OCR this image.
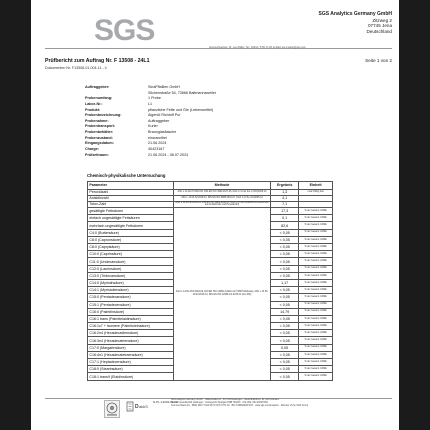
SGS	SGS Analytics Germany GmbH
Zitzweg 2
07745 Jena
Deutschland
Ansprechpartner: Dr. Leo Müller, Tel.: 03641 / 5 59 17-28, E-Mail: leo.mueller@sgs.com
Prüfbericht zum Auftrag Nr. F 13508 - 24L1
Dokumenten Nr. F13508-01-004-11 - 4
Seite 1 von 2
Auftraggeber:	SinaPflaBen GmbH
	Silchenstraße 54, 73666 Baltmannsweiler
Probenumfang:	1 Probe
Labor-Nr.:	L1
Produkt:	pflanzliche Fette und Öle (Lebensmittel)
Probenbezeichnung:	Algenöl Richtoff Pur
Probenahme:	Auftraggeber
Probentransport:	Kurier
Probenbehälter:	Braunglasflasche
Probenzustand:	einwandfrei
Eingangsdatum:	21.06.2024
Charge:	40423167
Prüfzeitraum:	21.06.2024 - 08.07.2024
Chemisch-physikalische Untersuchung
Parameter	Methode	Ergebnis	Einheit
Peroxidzahl	ASU L 13.00-37:2016-06, DIN EN ISO 3960:2017-05, DGF C-VI 6a Teil 1 (ISO)2005-10	1,3	mval O2/kg Fett
Anisidinzahl	ASU L 13.00-32:2018-01, DIN EN ISO 6885:2016-07, DGF C-VI 6e (10)2005-12	4,1	
Totox-Zahl	ASU L 13.00-32:2018-01, DIN EN ISO 6885:2016-07, DGF C-VI 6e (10)2005-12 (berechnet aus Anisidinzahl und Peroxidzahl)	7,1	
gesättigte Fettsäuren	ASU L 13.00-27/3:2016-06, DIN EN ISO 12966-4:2016-12 (TMSH-Methode), ASU L 13.00-41/44:2016-12, DIN EN ISO 12966-1/4:2015-11 (GC-FID)	17,3	% der Gesamt. FAME
einfach ungesättigte Fettsäuren		0,1	% der Gesamt. FAME
mehrfach ungesättigte Fettsäuren		82,6	% der Gesamt. FAME
C4:0 (Buttersäure)		< 0,05	% der Gesamt. FAME
C6:0 (Capronsäure)		< 0,05	% der Gesamt. FAME
C8:0 (Caprylsäure)		< 0,05	% der Gesamt. FAME
C10:0 (Caprinsäure)		< 0,05	% der Gesamt. FAME
C11:0 (Undecansäure)		< 0,05	% der Gesamt. FAME
C12:0 (Laurinsäure)		< 0,05	% der Gesamt. FAME
C13:0 (Tridecansäure)		< 0,05	% der Gesamt. FAME
C14:0 (Myristinsäure)		1,17	% der Gesamt. FAME
C14:1 (Myristoleinsäure)		< 0,05	% der Gesamt. FAME
C15:0 (Pentadecansäure)		< 0,05	% der Gesamt. FAME
C15:1 (Pentadecensäure)		< 0,05	% der Gesamt. FAME
C16:0 (Palmitinsäure)		14,79	% der Gesamt. FAME
C16:1 trans (Palmitelaidinsäure)		< 0,05	% der Gesamt. FAME
C16:1c7 + Isomere (Palmitoleinsäure)		< 0,05	% der Gesamt. FAME
C16:2n4 (Hexadecadiensäure)		< 0,05	% der Gesamt. FAME
C16:3n4 (Hexadecatriensäure)		< 0,05	% der Gesamt. FAME
C17:0 (Margarinsäure)		0,05	% der Gesamt. FAME
C16:4n1 (Hexadecatetraensäure)		< 0,05	% der Gesamt. FAME
C17:1 (Heptadecensäure)		< 0,05	% der Gesamt. FAME
C18:0 (Stearinsäure)		< 0,05	% der Gesamt. FAME
C18:1 trans9 (Elaidinsäure)		< 0,05	% der Gesamt. FAME
D akkS
D-PL-14004-01-00
SGS Analytics Germany GmbH · Hafenstraße 24 · D-73728 Esslingen · Geschäftsführer: Dr. Kai Hellmann
Sitz der Gesellschaft: Esslingen · Amtsgericht Stuttgart HRB 769413 · USt-IdNr. DE 321907651
Commerzbank AG · IBAN DE77 6114 0071 0170 0771 00 · BIC COBADEFFXXX · www.sgs.com/analytics · Member of the SGS Group
